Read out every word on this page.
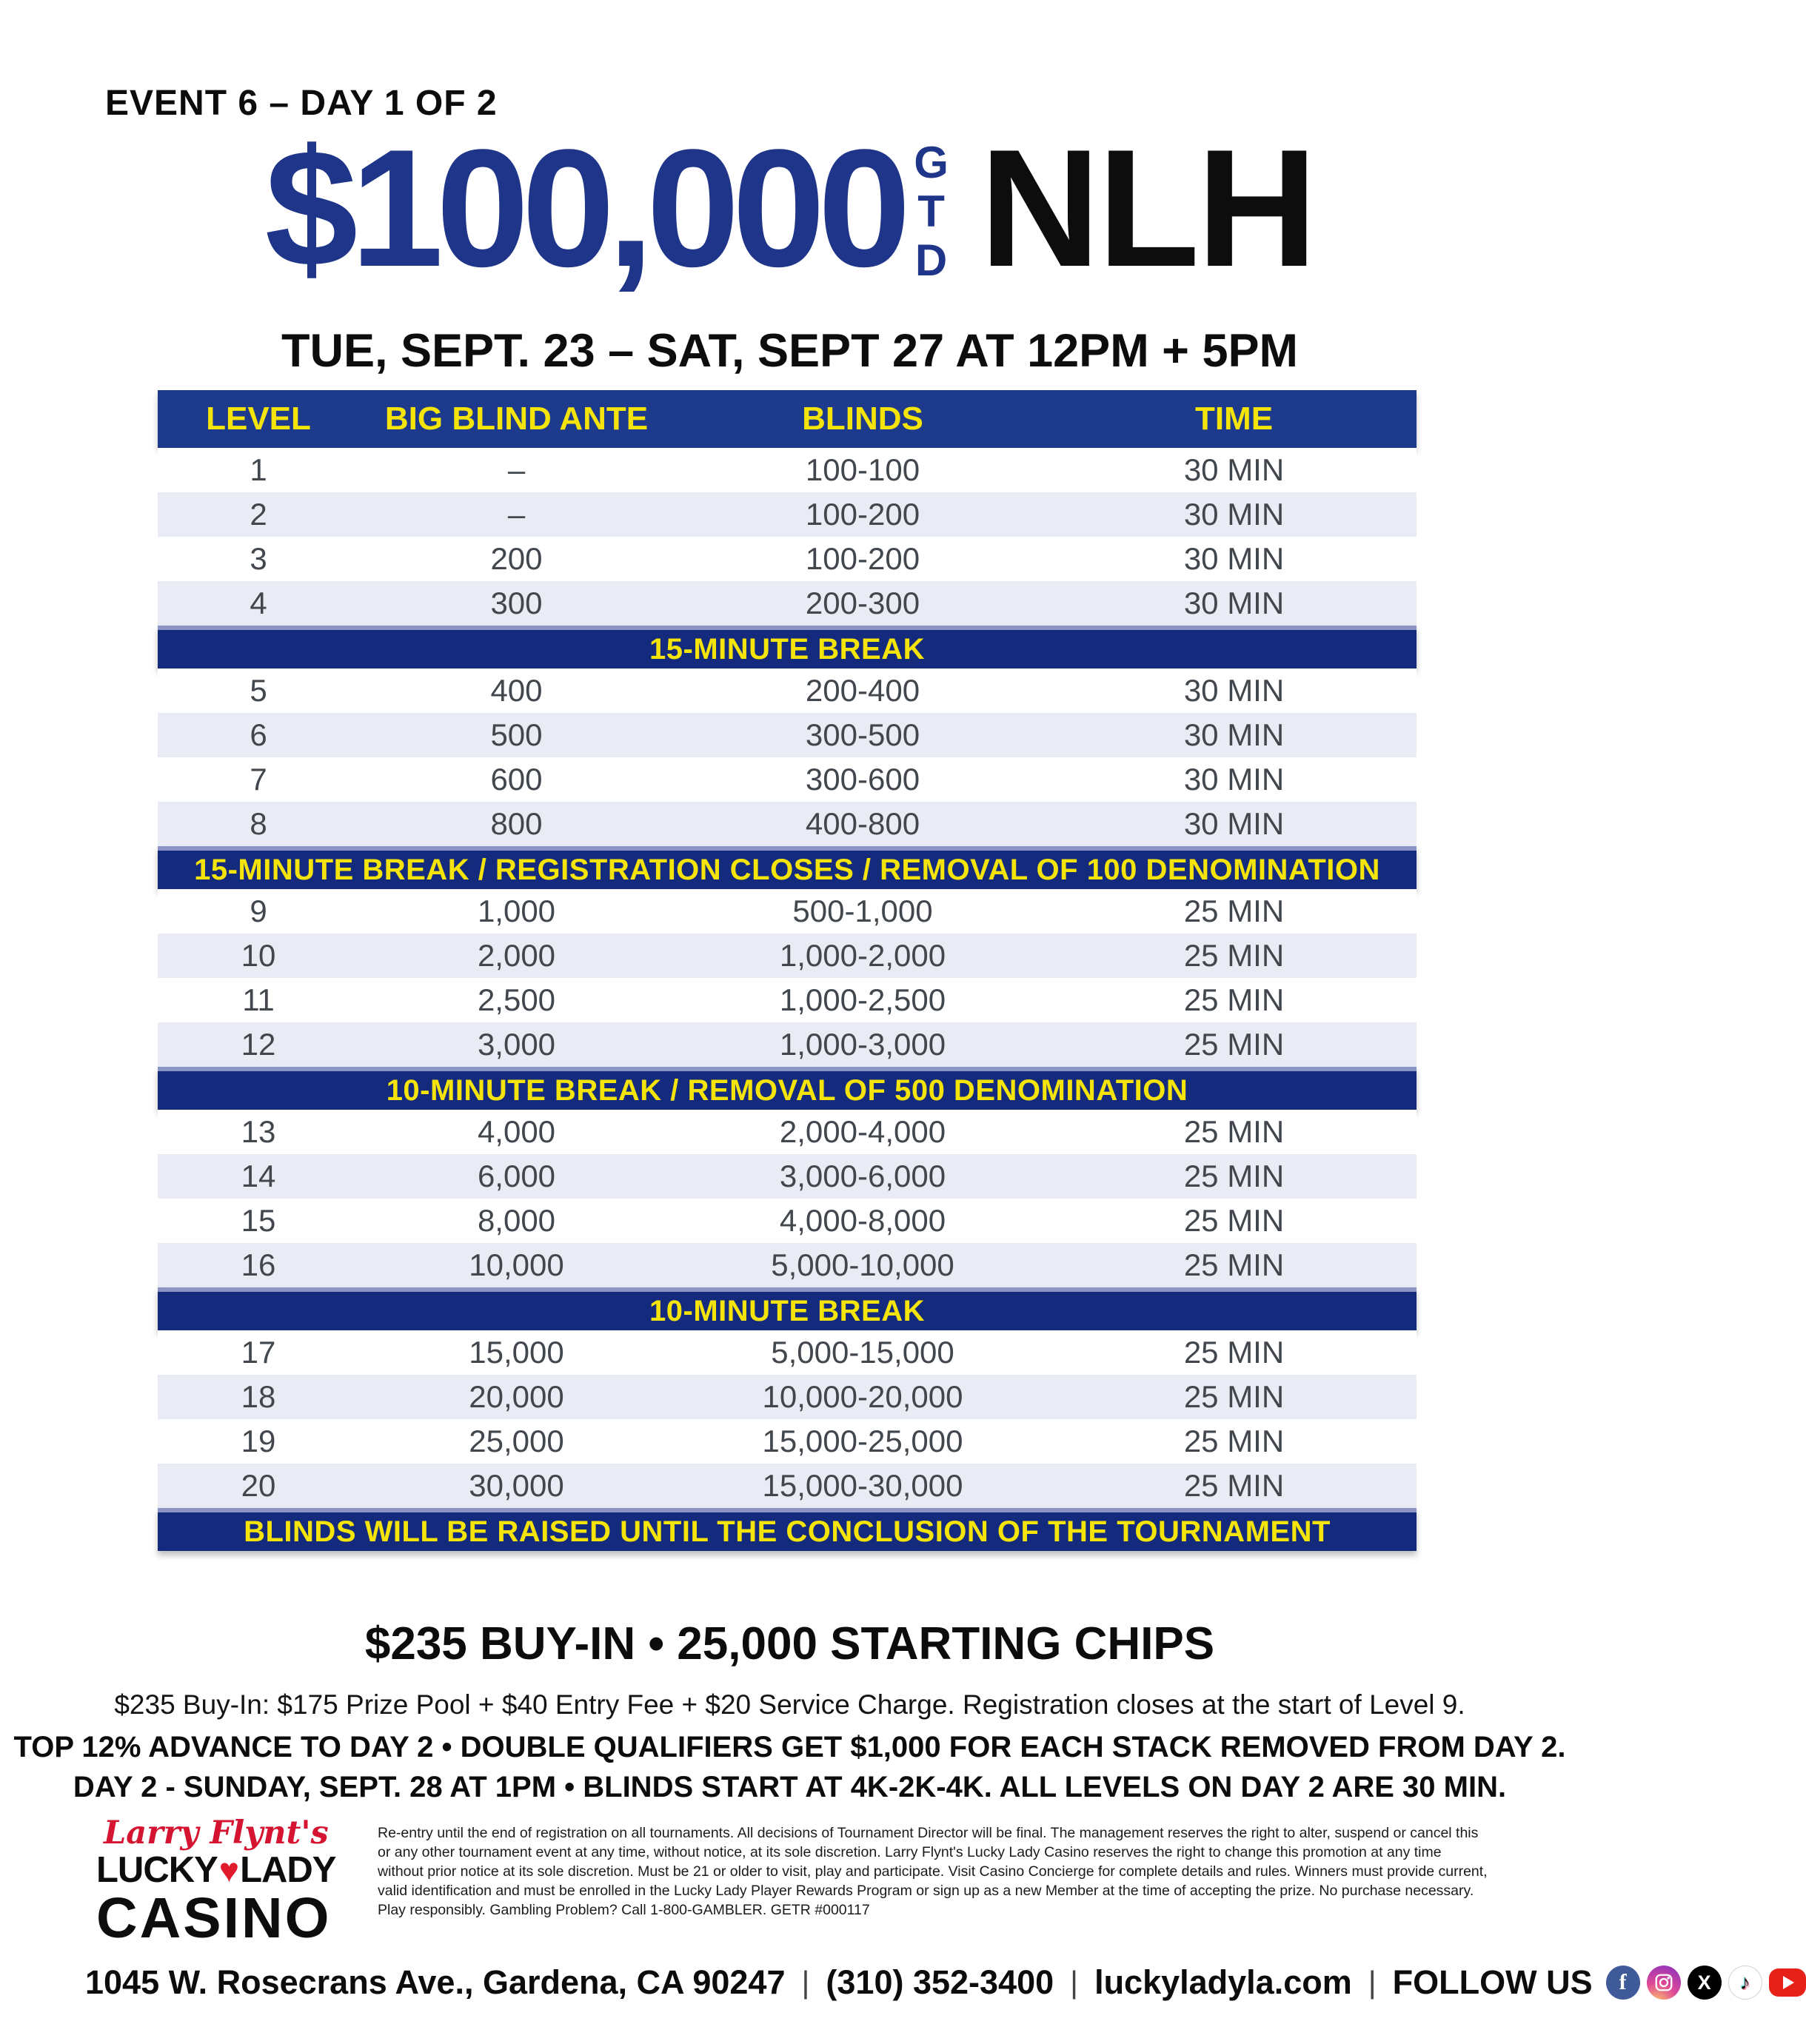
EVENT 6 – DAY 1 OF 2
$100,000 G
T
D NLH
TUE, SEPT. 23 – SAT, SEPT 27 AT 12PM + 5PM
LEVEL	BIG BLIND ANTE	BLINDS	TIME
1	–	100-100	30 MIN
2	–	100-200	30 MIN
3	200	100-200	30 MIN
4	300	200-300	30 MIN
15-MINUTE BREAK
5	400	200-400	30 MIN
6	500	300-500	30 MIN
7	600	300-600	30 MIN
8	800	400-800	30 MIN
15-MINUTE BREAK / REGISTRATION CLOSES / REMOVAL OF 100 DENOMINATION
9	1,000	500-1,000	25 MIN
10	2,000	1,000-2,000	25 MIN
11	2,500	1,000-2,500	25 MIN
12	3,000	1,000-3,000	25 MIN
10-MINUTE BREAK / REMOVAL OF 500 DENOMINATION
13	4,000	2,000-4,000	25 MIN
14	6,000	3,000-6,000	25 MIN
15	8,000	4,000-8,000	25 MIN
16	10,000	5,000-10,000	25 MIN
10-MINUTE BREAK
17	15,000	5,000-15,000	25 MIN
18	20,000	10,000-20,000	25 MIN
19	25,000	15,000-25,000	25 MIN
20	30,000	15,000-30,000	25 MIN
BLINDS WILL BE RAISED UNTIL THE CONCLUSION OF THE TOURNAMENT
$235 BUY-IN • 25,000 STARTING CHIPS
$235 Buy-In: $175 Prize Pool + $40 Entry Fee + $20 Service Charge. Registration closes at the start of Level 9.
TOP 12% ADVANCE TO DAY 2 • DOUBLE QUALIFIERS GET $1,000 FOR EACH STACK REMOVED FROM DAY 2.
DAY 2 - SUNDAY, SEPT. 28 AT 1PM • BLINDS START AT 4K-2K-4K. ALL LEVELS ON DAY 2 ARE 30 MIN.
Larry Flynt's
LUCKY♥LADY
CASINO
Re-entry until the end of registration on all tournaments. All decisions of Tournament Director will be final. The management reserves the right to alter, suspend or cancel this or any other tournament event at any time, without notice, at its sole discretion. Larry Flynt's Lucky Lady Casino reserves the right to change this promotion at any time without prior notice at its sole discretion. Must be 21 or older to visit, play and participate. Visit Casino Concierge for complete details and rules. Winners must provide current, valid identification and must be enrolled in the Lucky Lady Player Rewards Program or sign up as a new Member at the time of accepting the prize. No purchase necessary. Play responsibly. Gambling Problem? Call 1-800-GAMBLER. GETR #000117
1045 W. Rosecrans Ave., Gardena, CA 90247 | (310) 352-3400 | luckyladyla.com | FOLLOW US	f	X	♪
